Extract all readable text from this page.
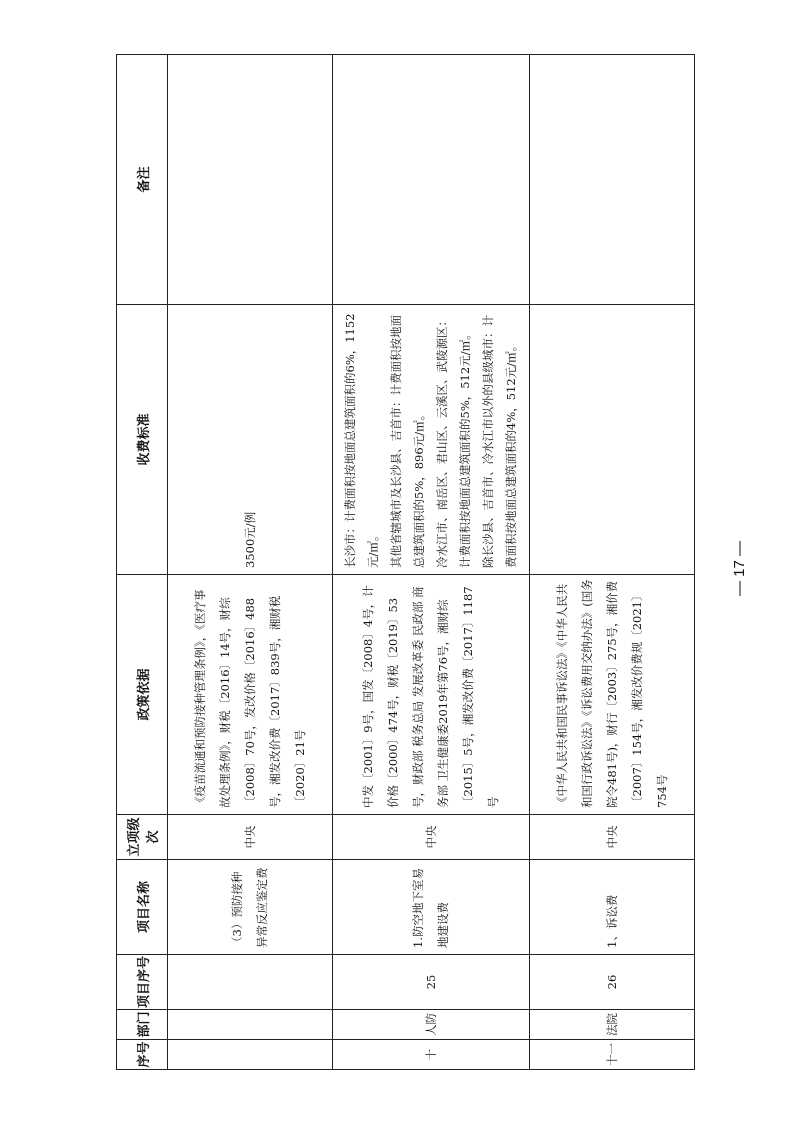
序号	部门	项目序号	项目名称	立项级次	政策依据	收费标准	备注
			（3）预防接种异常反应鉴定费	中央	《疫苗流通和预防接种管理条例》，《医疗事故处理条例》，财税〔2016〕14号，财综〔2008〕70号，发改价格〔2016〕488号，湘发改价费〔2017〕839号，湘财税〔2020〕21号	3500元/例	

十	人防	25	1.防空地下室易地建设费	中央	中发〔2001〕9号，国发〔2008〕4号，计价格〔2000〕474号，财税〔2019〕53号，财政部 税务总局 发展改革委 民政部 商务部 卫生健康委2019年第76号，湘财综〔2015〕5号，湘发改价费〔2017〕1187号	长沙市：计费面积按地面总建筑面积的6%，1152元/㎡。 其他省辖城市及长沙县、吉首市：计费面积按地面总建筑面积的5%，896元/㎡。 冷水江市、南岳区、君山区、云溪区、武陵源区：计费面积按地面总建筑面积的5%，512元/㎡。 除长沙县、吉首市、冷水江市以外的县级城市：计费面积按地面总建筑面积的4%，512元/㎡。	

十一	法院	26	1、诉讼费	中央	《中华人民共和国民事诉讼法》《中华人民共和国行政诉讼法》《诉讼费用交纳办法》(国务院令481号)，财行〔2003〕275号，湘价费〔2007〕154号，湘发改价费规〔2021〕754号		
— 17 —
